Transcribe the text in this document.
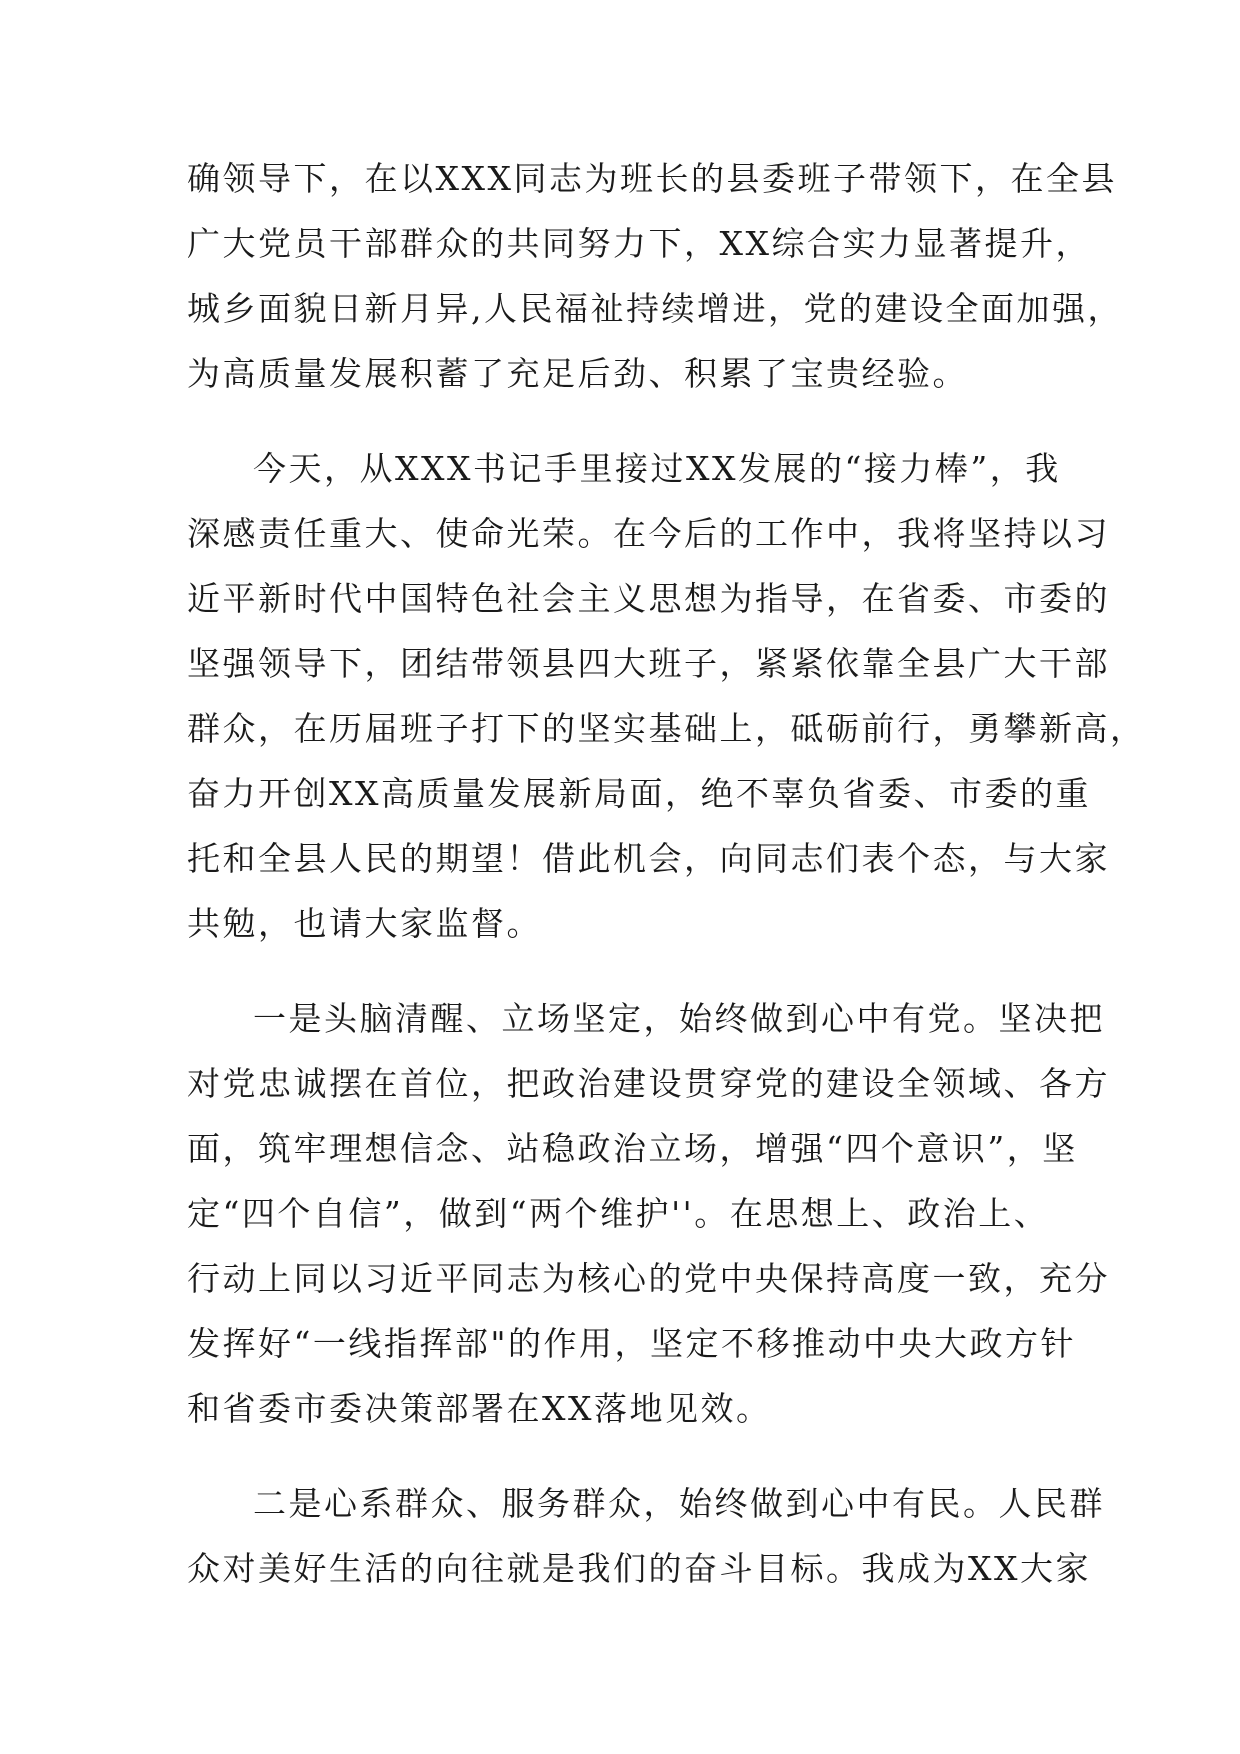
确领导下，在以XXX同志为班长的县委班子带领下，在全县
广大党员干部群众的共同努力下，XX综合实力显著提升，
城乡面貌日新月异,人民福祉持续增进，党的建设全面加强，
为高质量发展积蓄了充足后劲、积累了宝贵经验。

今天，从XXX书记手里接过XX发展的“接力棒”，我
深感责任重大、使命光荣。在今后的工作中，我将坚持以习
近平新时代中国特色社会主义思想为指导，在省委、市委的
坚强领导下，团结带领县四大班子，紧紧依靠全县广大干部
群众，在历届班子打下的坚实基础上，砥砺前行，勇攀新高，
奋力开创XX高质量发展新局面，绝不辜负省委、市委的重
托和全县人民的期望！借此机会，向同志们表个态，与大家
共勉，也请大家监督。

一是头脑清醒、立场坚定，始终做到心中有党。坚决把
对党忠诚摆在首位，把政治建设贯穿党的建设全领域、各方
面，筑牢理想信念、站稳政治立场，增强“四个意识”，坚
定“四个自信”，做到“两个维护''。在思想上、政治上、
行动上同以习近平同志为核心的党中央保持高度一致，充分
发挥好“一线指挥部"的作用，坚定不移推动中央大政方针
和省委市委决策部署在XX落地见效。

二是心系群众、服务群众，始终做到心中有民。人民群
众对美好生活的向往就是我们的奋斗目标。我成为XX大家
